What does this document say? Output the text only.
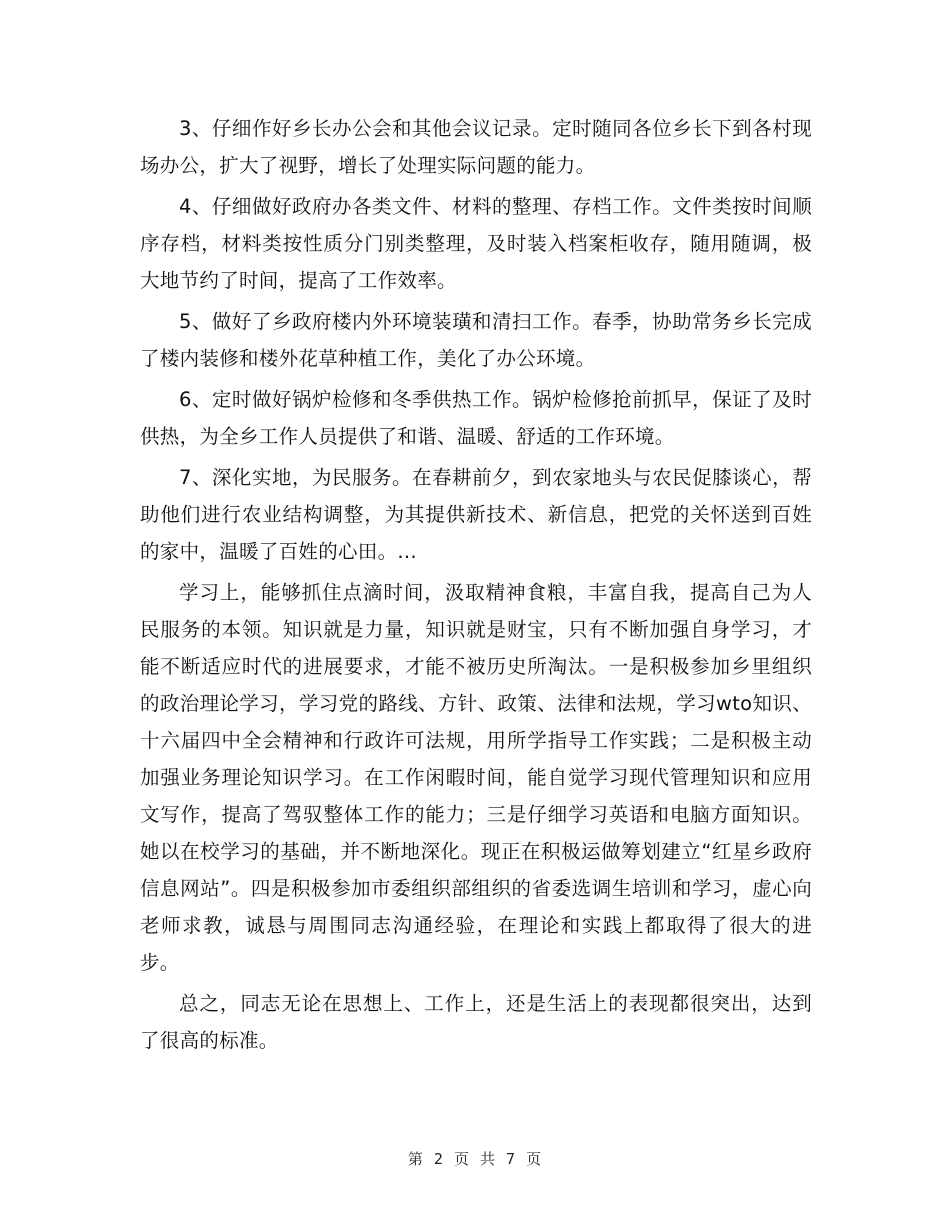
3、仔细作好乡长办公会和其他会议记录。定时随同各位乡长下到各村现场办公，扩大了视野，增长了处理实际问题的能力。

4、仔细做好政府办各类文件、材料的整理、存档工作。文件类按时间顺序存档，材料类按性质分门别类整理，及时装入档案柜收存，随用随调，极大地节约了时间，提高了工作效率。

5、做好了乡政府楼内外环境装璜和清扫工作。春季，协助常务乡长完成了楼内装修和楼外花草种植工作，美化了办公环境。

6、定时做好锅炉检修和冬季供热工作。锅炉检修抢前抓早，保证了及时供热，为全乡工作人员提供了和谐、温暖、舒适的工作环境。

7、深化实地，为民服务。在春耕前夕，到农家地头与农民促膝谈心，帮助他们进行农业结构调整，为其提供新技术、新信息，把党的关怀送到百姓的家中，温暖了百姓的心田。...

学习上，能够抓住点滴时间，汲取精神食粮，丰富自我，提高自己为人民服务的本领。知识就是力量，知识就是财宝，只有不断加强自身学习，才能不断适应时代的进展要求，才能不被历史所淘汰。一是积极参加乡里组织的政治理论学习，学习党的路线、方针、政策、法律和法规，学习wto知识、十六届四中全会精神和行政许可法规，用所学指导工作实践；二是积极主动加强业务理论知识学习。在工作闲暇时间，能自觉学习现代管理知识和应用文写作，提高了驾驭整体工作的能力；三是仔细学习英语和电脑方面知识。她以在校学习的基础，并不断地深化。现正在积极运做筹划建立“红星乡政府信息网站”。四是积极参加市委组织部组织的省委选调生培训和学习，虚心向老师求教，诚恳与周围同志沟通经验，在理论和实践上都取得了很大的进步。

总之，同志无论在思想上、工作上，还是生活上的表现都很突出，达到了很高的标准。

第 2 页 共 7 页
